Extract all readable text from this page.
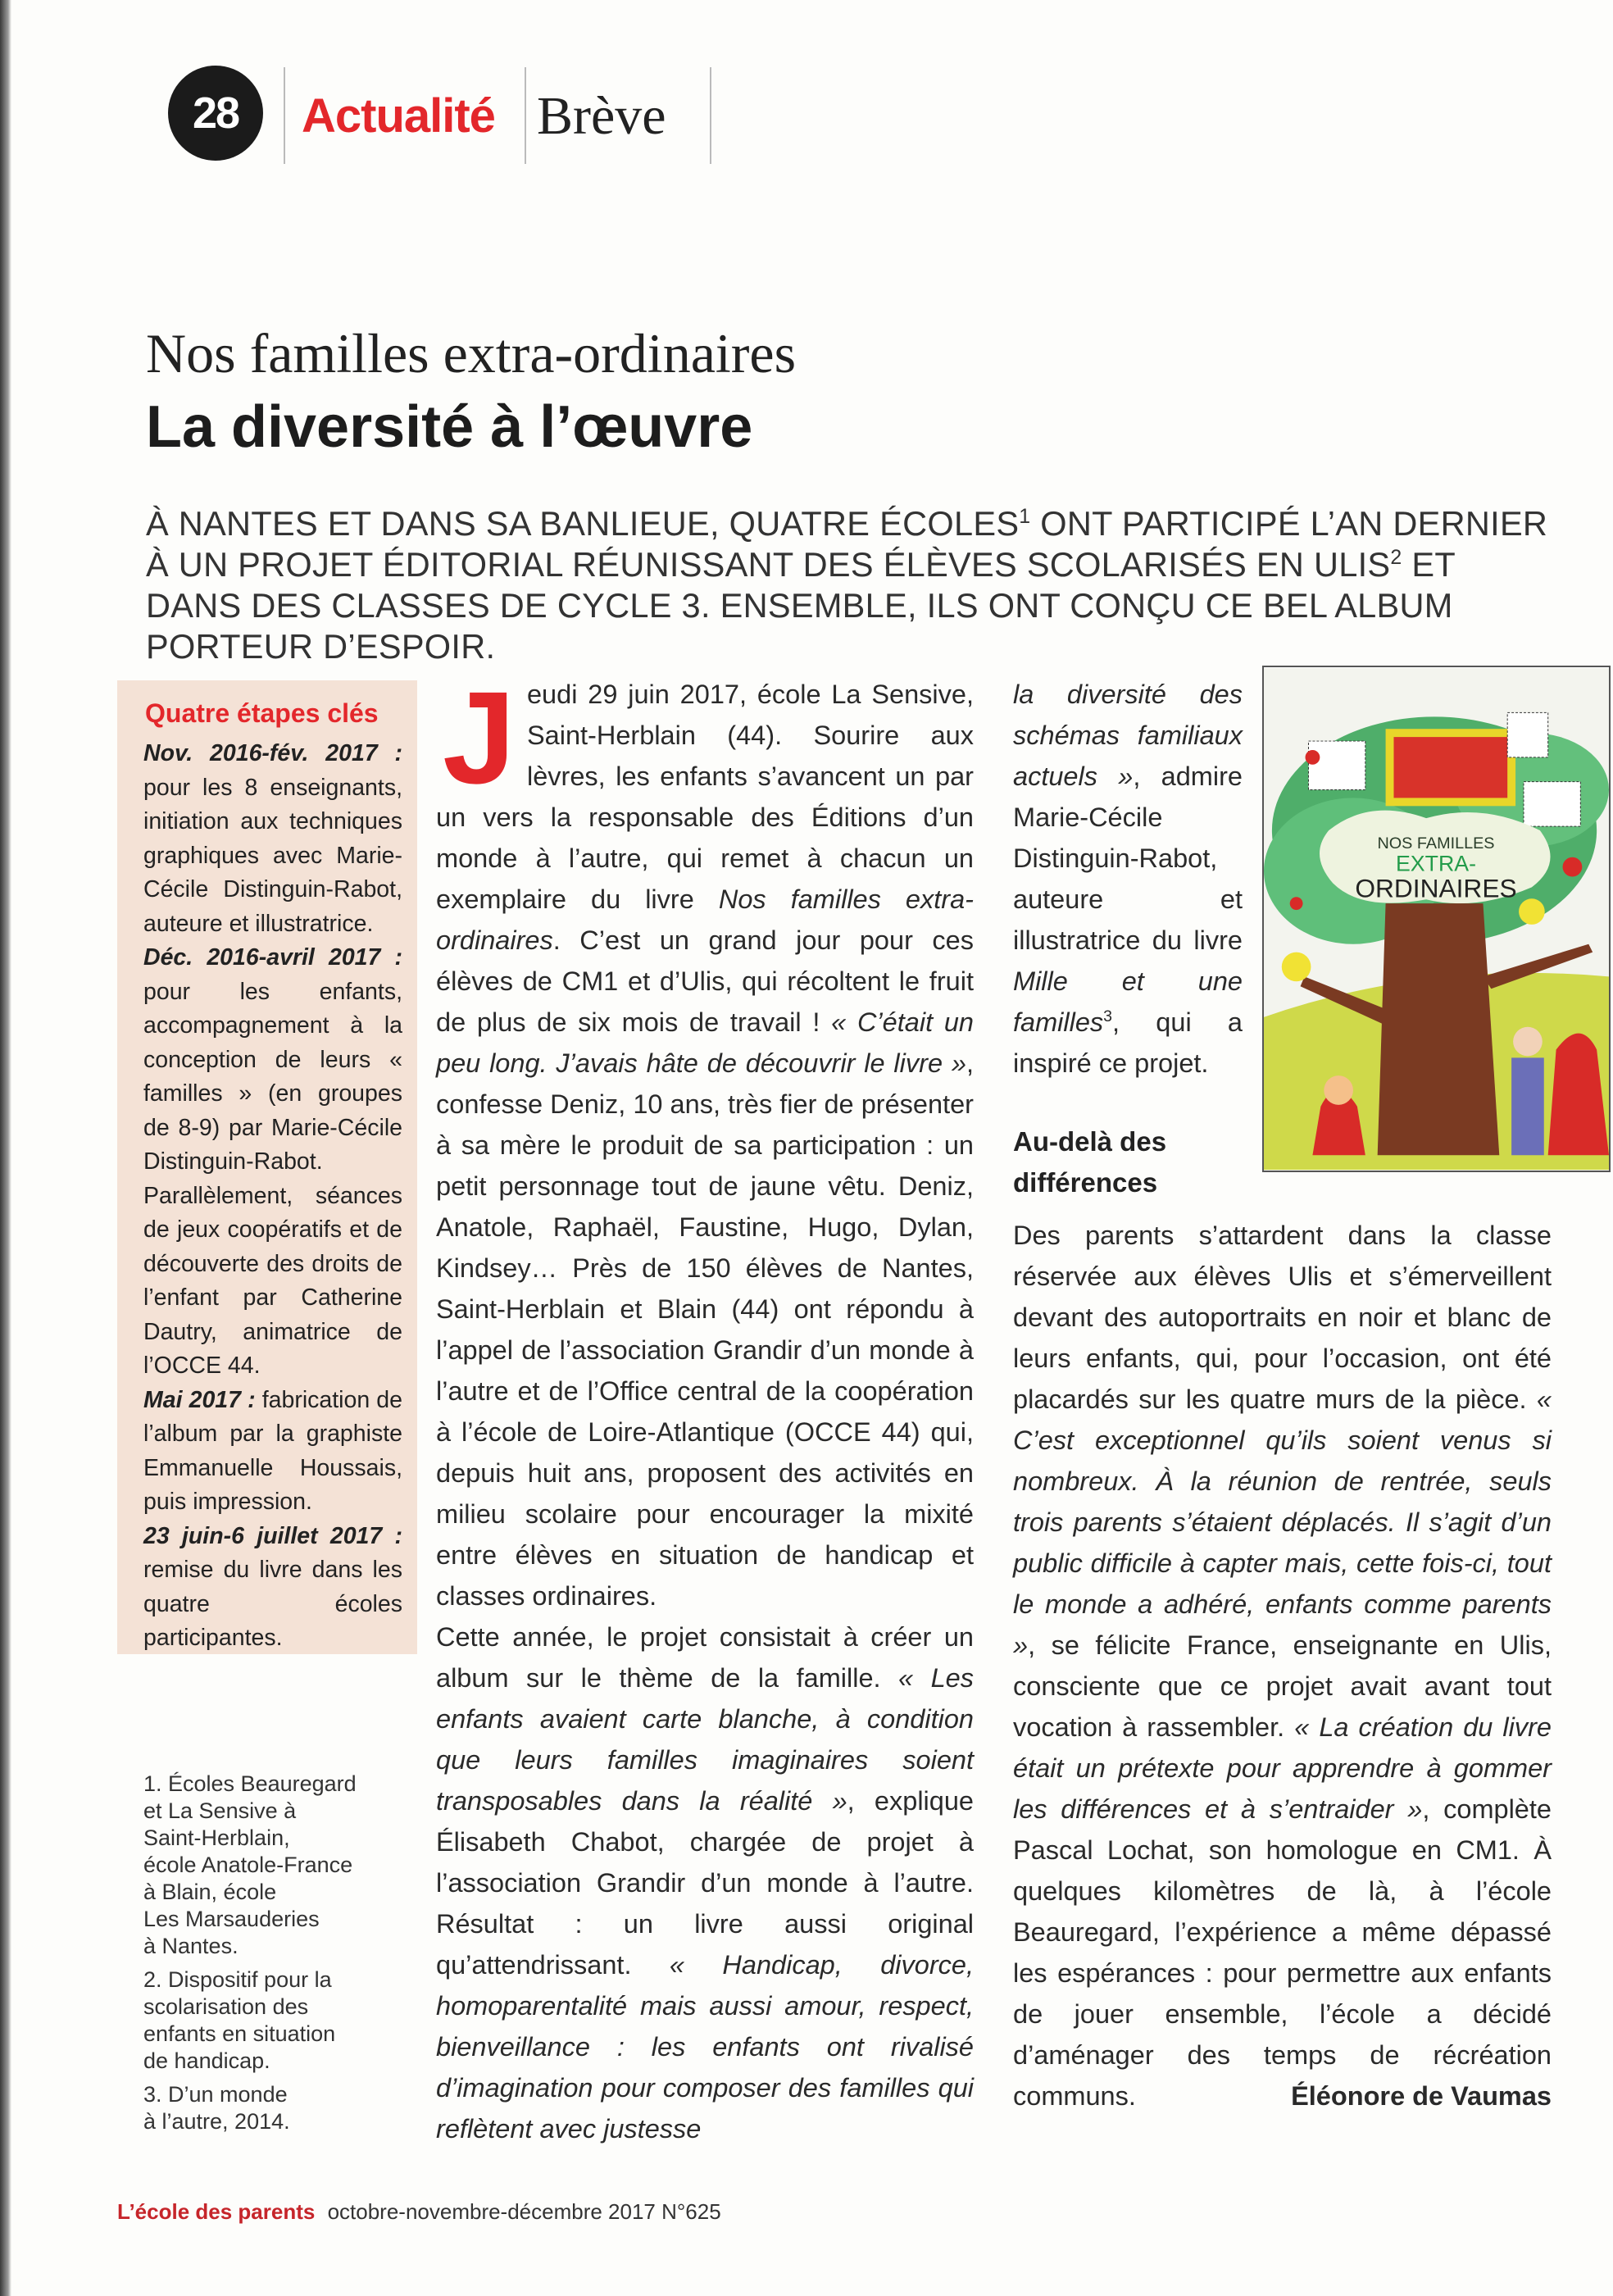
28	Actualité Brève
Nos familles extra-ordinaires
La diversité à l’œuvre
À NANTES ET DANS SA BANLIEUE, QUATRE ÉCOLES$^1$ ONT PARTICIPÉ L’AN DERNIER À UN PROJET ÉDITORIAL RÉUNISSANT DES ÉLÈVES SCOLARISÉS EN ULIS$^2$ ET DANS DES CLASSES DE CYCLE 3. ENSEMBLE, ILS ONT CONÇU CE BEL ALBUM PORTEUR D’ESPOIR.
Quatre étapes clés
Nov. 2016-fév. 2017 : pour les 8 enseignants, initiation aux techniques graphiques avec Marie-Cécile Distinguin-Rabot, auteure et illustratrice.
Déc. 2016-avril 2017 : pour les enfants, accompagnement à la conception de leurs « familles » (en groupes de 8-9) par Marie-Cécile Distinguin-Rabot. Parallèlement, séances de jeux coopératifs et de découverte des droits de l’enfant par Catherine Dautry, animatrice de l’OCCE 44.
Mai 2017 : fabrication de l’album par la graphiste Emmanuelle Houssais, puis impression.
23 juin-6 juillet 2017 : remise du livre dans les quatre écoles participantes.
1. Écoles Beauregard
et La Sensive à
Saint-Herblain,
école Anatole-France
à Blain, école
Les Marsauderies
à Nantes.
2. Dispositif pour la
scolarisation des
enfants en situation
de handicap.
3. D’un monde
à l’autre, 2014.
J eudi 29 juin 2017, école La Sensive, Saint-Herblain (44). Sourire aux lèvres, les enfants s’avancent un par un vers la responsable des Éditions d’un monde à l’autre, qui remet à chacun un exemplaire du livre Nos familles extra-ordinaires. C’est un grand jour pour ces élèves de CM1 et d’Ulis, qui récoltent le fruit de plus de six mois de travail ! « C’était un peu long. J’avais hâte de découvrir le livre », confesse Deniz, 10 ans, très fier de présenter à sa mère le produit de sa participation : un petit personnage tout de jaune vêtu. Deniz, Anatole, Raphaël, Faustine, Hugo, Dylan, Kindsey… Près de 150 élèves de Nantes, Saint-Herblain et Blain (44) ont répondu à l’appel de l’association Grandir d’un monde à l’autre et de l’Office central de la coopération à l’école de Loire-Atlantique (OCCE 44) qui, depuis huit ans, proposent des activités en milieu scolaire pour encourager la mixité entre élèves en situation de handicap et classes ordinaires.

Cette année, le projet consistait à créer un album sur le thème de la famille. « Les enfants avaient carte blanche, à condition que leurs familles imaginaires soient transposables dans la réalité », explique Élisabeth Chabot, chargée de projet à l’association Grandir d’un monde à l’autre. Résultat : un livre aussi original qu’attendrissant. « Handicap, divorce, homoparentalité mais aussi amour, respect, bienveillance : les enfants ont rivalisé d’imagination pour composer des familles qui reflètent avec justesse

NOS FAMILLES
EXTRA-
ORDINAIRES

la diversité des schémas familiaux actuels », admire Marie-Cécile Distinguin-Rabot, auteure et illustratrice du livre Mille et une familles$^3$, qui a inspiré ce projet.

Au-delà des différences

Des parents s’attardent dans la classe réservée aux élèves Ulis et s’émerveillent devant des autoportraits en noir et blanc de leurs enfants, qui, pour l’occasion, ont été placardés sur les quatre murs de la pièce. « C’est exceptionnel qu’ils soient venus si nombreux. À la réunion de rentrée, seuls trois parents s’étaient déplacés. Il s’agit d’un public difficile à capter mais, cette fois-ci, tout le monde a adhéré, enfants comme parents », se félicite France, enseignante en Ulis, consciente que ce projet avait avant tout vocation à rassembler. « La création du livre était un prétexte pour apprendre à gommer les différences et à s’entraider », complète Pascal Lochat, son homologue en CM1. À quelques kilomètres de là, à l’école Beauregard, l’expérience a même dépassé les espérances : pour permettre aux enfants de jouer ensemble, l’école a décidé d’aménager des temps de récréation communs.	Éléonore de Vaumas
L’école des parents octobre-novembre-décembre 2017 N°625
